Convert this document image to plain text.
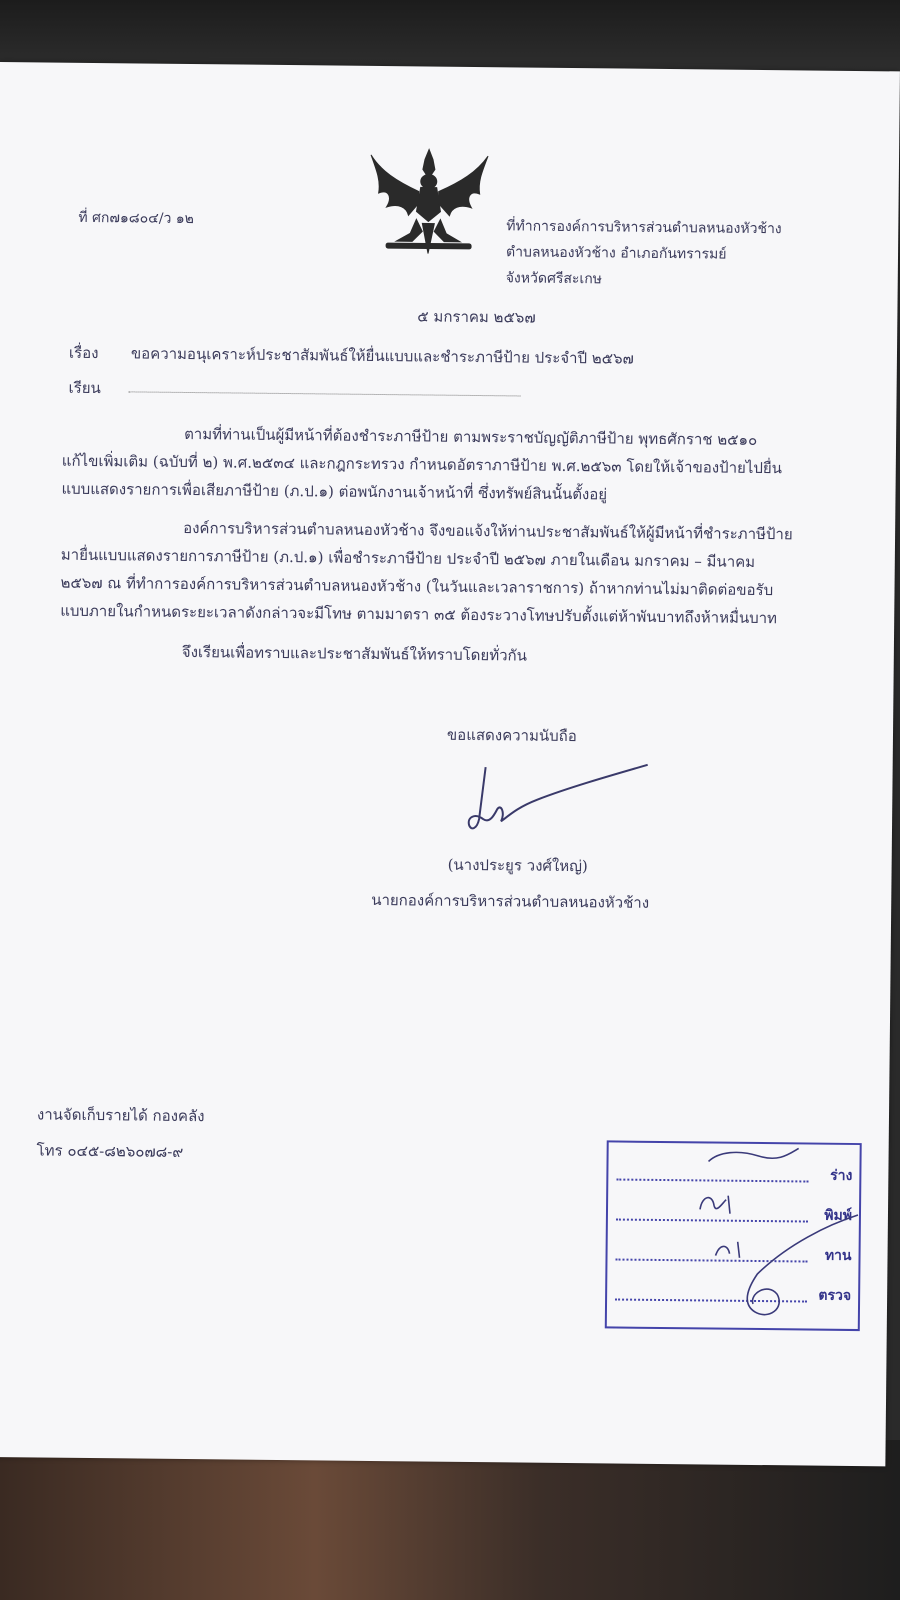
ที่ ศก๗๑๘๐๔/ว ๑๒	ที่ทำการองค์การบริหารส่วนตำบลหนองหัวช้าง
ตำบลหนองหัวช้าง อำเภอกันทรารมย์
จังหวัดศรีสะเกษ
๕ มกราคม ๒๕๖๗
เรื่อง ขอความอนุเคราะห์ประชาสัมพันธ์ให้ยื่นแบบและชำระภาษีป้าย ประจำปี ๒๕๖๗
เรียน
ตามที่ท่านเป็นผู้มีหน้าที่ต้องชำระภาษีป้าย ตามพระราชบัญญัติภาษีป้าย พุทธศักราช ๒๕๑๐
แก้ไขเพิ่มเติม (ฉบับที่ ๒) พ.ศ.๒๕๓๔ และกฎกระทรวง กำหนดอัตราภาษีป้าย พ.ศ.๒๕๖๓ โดยให้เจ้าของป้ายไปยื่น
แบบแสดงรายการเพื่อเสียภาษีป้าย (ภ.ป.๑) ต่อพนักงานเจ้าหน้าที่ ซึ่งทรัพย์สินนั้นตั้งอยู่
องค์การบริหารส่วนตำบลหนองหัวช้าง จึงขอแจ้งให้ท่านประชาสัมพันธ์ให้ผู้มีหน้าที่ชำระภาษีป้าย
มายื่นแบบแสดงรายการภาษีป้าย (ภ.ป.๑) เพื่อชำระภาษีป้าย ประจำปี ๒๕๖๗ ภายในเดือน มกราคม – มีนาคม
๒๕๖๗ ณ ที่ทำการองค์การบริหารส่วนตำบลหนองหัวช้าง (ในวันและเวลาราชการ) ถ้าหากท่านไม่มาติดต่อขอรับ
แบบภายในกำหนดระยะเวลาดังกล่าวจะมีโทษ ตามมาตรา ๓๕ ต้องระวางโทษปรับตั้งแต่ห้าพันบาทถึงห้าหมื่นบาท
จึงเรียนเพื่อทราบและประชาสัมพันธ์ให้ทราบโดยทั่วกัน
ขอแสดงความนับถือ
(นางประยูร วงศ์ใหญ่)
นายกองค์การบริหารส่วนตำบลหนองหัวช้าง
งานจัดเก็บรายได้ กองคลัง
โทร ๐๔๕-๘๒๖๐๗๘-๙
ร่าง
พิมพ์
ทาน
ตรวจ
